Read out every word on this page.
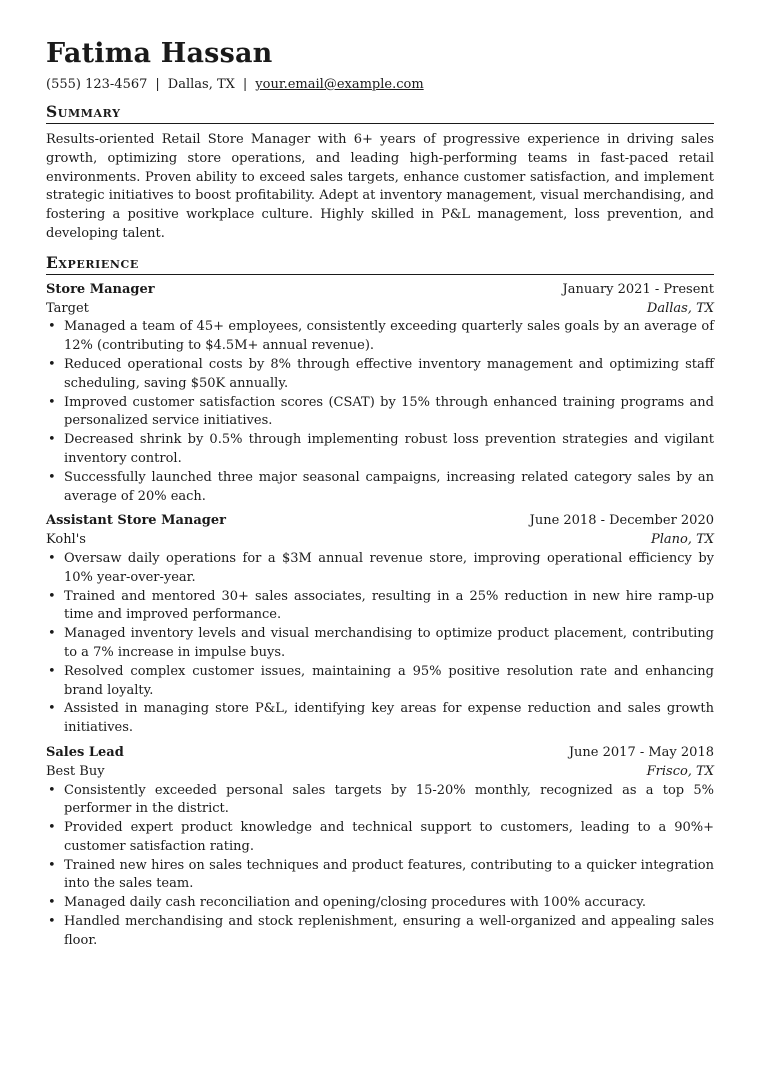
Fatima Hassan
(555) 123-4567 | Dallas, TX | your.email@example.com
Summary

Results-oriented Retail Store Manager with 6+ years of progressive experience in driving sales growth, optimizing store operations, and leading high-performing teams in fast-paced retail environments. Proven ability to exceed sales targets, enhance customer satisfaction, and implement strategic initiatives to boost profitability. Adept at inventory management, visual merchandising, and fostering a positive workplace culture. Highly skilled in P&L management, loss prevention, and developing talent.

Experience
Store Manager	January 2021 - Present
Target	Dallas, TX
• Managed a team of 45+ employees, consistently exceeding quarterly sales goals by an average of 12% (contributing to $4.5M+ annual revenue).
• Reduced operational costs by 8% through effective inventory management and optimizing staff scheduling, saving $50K annually.
• Improved customer satisfaction scores (CSAT) by 15% through enhanced training programs and personalized service initiatives.
• Decreased shrink by 0.5% through implementing robust loss prevention strategies and vigilant inventory control.
• Successfully launched three major seasonal campaigns, increasing related category sales by an average of 20% each.
Assistant Store Manager	June 2018 - December 2020
Kohl's	Plano, TX
• Oversaw daily operations for a $3M annual revenue store, improving operational efficiency by 10% year-over-year.
• Trained and mentored 30+ sales associates, resulting in a 25% reduction in new hire ramp-up time and improved performance.
• Managed inventory levels and visual merchandising to optimize product placement, contributing to a 7% increase in impulse buys.
• Resolved complex customer issues, maintaining a 95% positive resolution rate and enhancing brand loyalty.
• Assisted in managing store P&L, identifying key areas for expense reduction and sales growth initiatives.
Sales Lead	June 2017 - May 2018
Best Buy	Frisco, TX
• Consistently exceeded personal sales targets by 15-20% monthly, recognized as a top 5% performer in the district.
• Provided expert product knowledge and technical support to customers, leading to a 90%+ customer satisfaction rating.
• Trained new hires on sales techniques and product features, contributing to a quicker integration into the sales team.
• Managed daily cash reconciliation and opening/closing procedures with 100% accuracy.
• Handled merchandising and stock replenishment, ensuring a well-organized and appealing sales floor.
